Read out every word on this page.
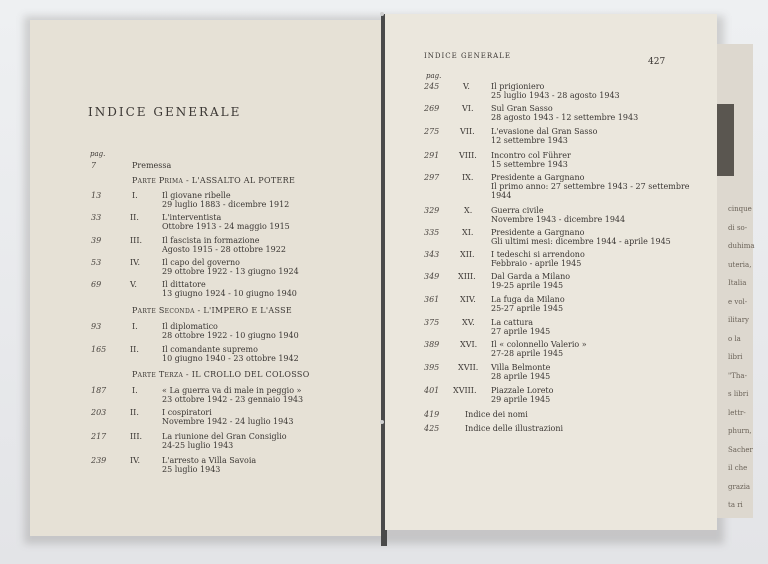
cinque
di so-
duhima
uteria,
Italia
e vol-
ilitary
o la
libri
"Tha-
s libri
lettr-
phurn,
Sacher
il che
grazia
ta ri
INDICE GENERALE
pag.
7	Premessa
Parte Prima - L'ASSALTO AL POTERE
13	I.	Il giovane ribelle
29 luglio 1883 - dicembre 1912
33	II.	L'interventista
Ottobre 1913 - 24 maggio 1915
39	III. Il fascista in formazione
Agosto 1915 - 28 ottobre 1922
53	IV.	Il capo del governo
29 ottobre 1922 - 13 giugno 1924
69	V.	Il dittatore
13 giugno 1924 - 10 giugno 1940
Parte Seconda - L'IMPERO E L'ASSE
93	I.	Il diplomatico
28 ottobre 1922 - 10 giugno 1940
165	II.	Il comandante supremo
10 giugno 1940 - 23 ottobre 1942
Parte Terza - IL CROLLO DEL COLOSSO
187	I.	« La guerra va di male in peggio »
23 ottobre 1942 - 23 gennaio 1943
203	II.	I cospiratori
Novembre 1942 - 24 luglio 1943
217	III. La riunione del Gran Consiglio
24-25 luglio 1943
239	IV.	L'arresto a Villa Savoia
25 luglio 1943
INDICE GENERALE
427
pag.
245	V.	Il prigioniero
25 luglio 1943 - 28 agosto 1943
269	VI. Sul Gran Sasso
28 agosto 1943 - 12 settembre 1943
275	VII. L'evasione dal Gran Sasso
12 settembre 1943
291 VIII. Incontro col Führer
15 settembre 1943
297	IX. Presidente a Gargnano
Il primo anno: 27 settembre 1943 - 27 settembre
1944
329	X. Guerra civile
Novembre 1943 - dicembre 1944
335	XI. Presidente a Gargnano
Gli ultimi mesi: dicembre 1944 - aprile 1945
343	XII. I tedeschi si arrendono
Febbraio - aprile 1945
349 XIII. Dal Garda a Milano
19-25 aprile 1945
361	XIV. La fuga da Milano
25-27 aprile 1945
375	XV. La cattura
27 aprile 1945
389	XVI. Il « colonnello Valerio »
27-28 aprile 1945
395 XVII. Villa Belmonte
28 aprile 1945
401 XVIII. Piazzale Loreto
29 aprile 1945
419	Indice dei nomi
425	Indice delle illustrazioni
